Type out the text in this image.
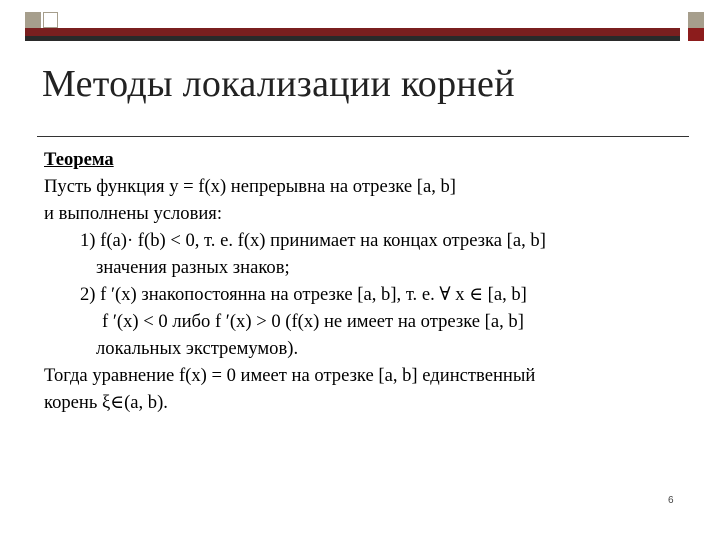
Методы локализации корней
Теорема
Пусть функция y = f(x) непрерывна на отрезке [a, b]
и выполнены условия:
1) f(a)· f(b) < 0, т. е. f(x) принимает на концах отрезка [a, b]
значения разных знаков;
2) f ′(x) знакопостоянна на отрезке [a, b], т. е. ∀ x ∈ [a, b]
f ′(x) < 0 либо f ′(x) > 0 (f(x) не имеет на отрезке [a, b]
локальных экстремумов).
Тогда уравнение f(x) = 0 имеет на отрезке [a, b] единственный
корень ξ∈(a, b).
6
